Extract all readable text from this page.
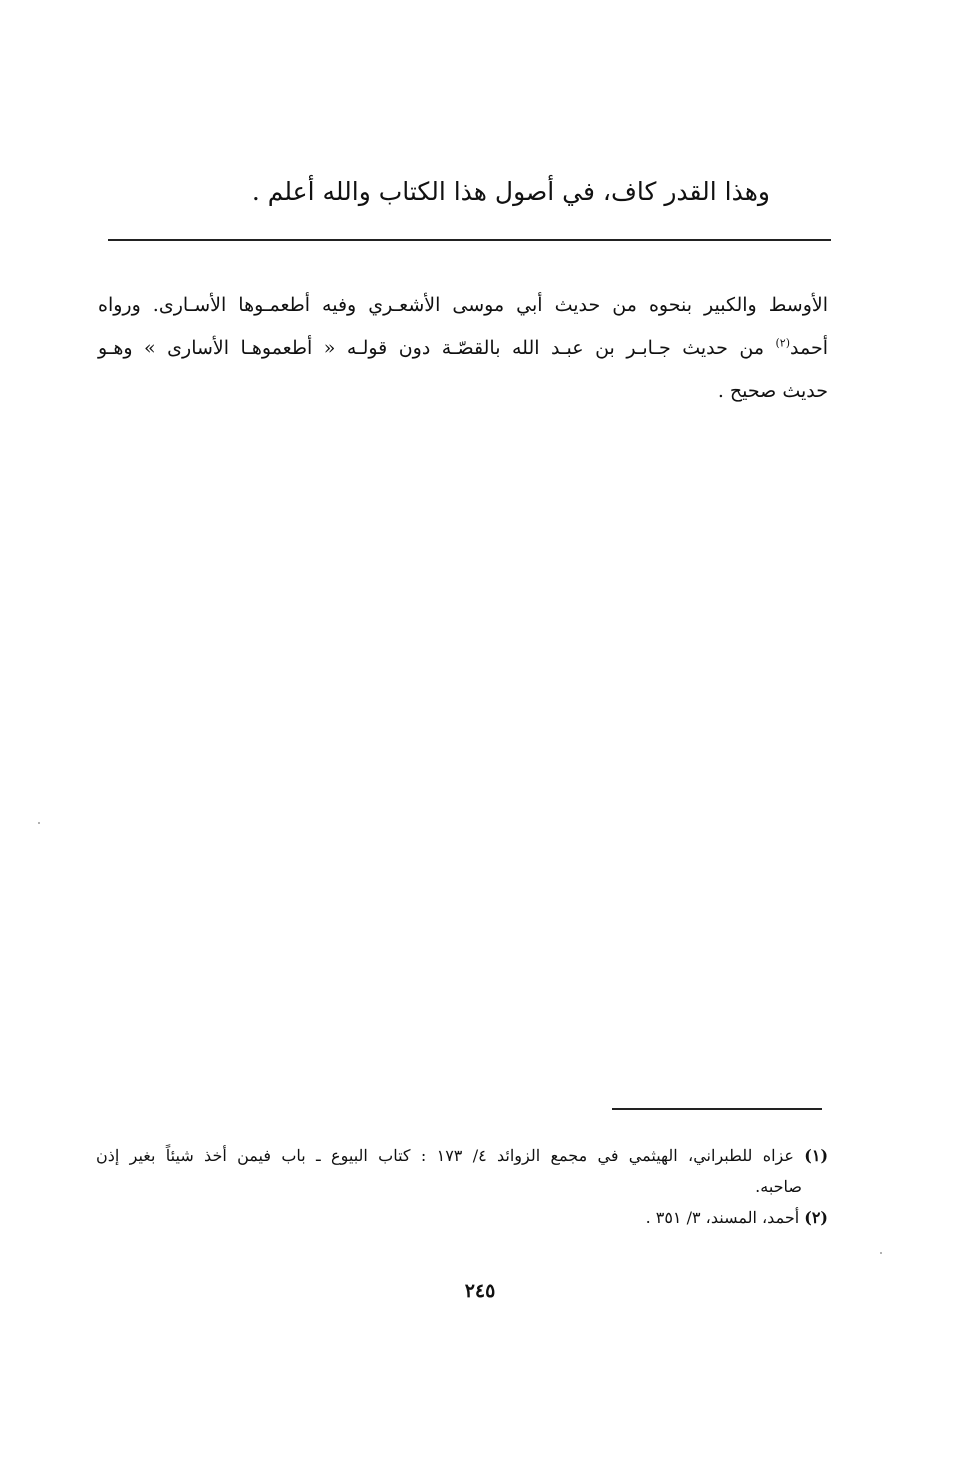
وهذا القدر كاف، في أصول هذا الكتاب والله أعلم .
الأوسط والكبير بنحوه من حديث أبي موسى الأشعـري وفيه أطعمـوها الأسـارى. ورواه
أحمد$^{(٢)}$ من حديث جـابـر بن عبـد الله بالقصّـة دون قولـه « أطعموهـا الأسارى » وهـو
حديث صحيح .
(١) عزاه للطبراني، الهيثمي في مجمع الزوائد ٤/ ١٧٣ : كتاب البيوع ـ باب فيمن أخذ شيئاً بغير إذن
صاحبه.
(٢) أحمد، المسند، ٣/ ٣٥١ .
٢٤٥
